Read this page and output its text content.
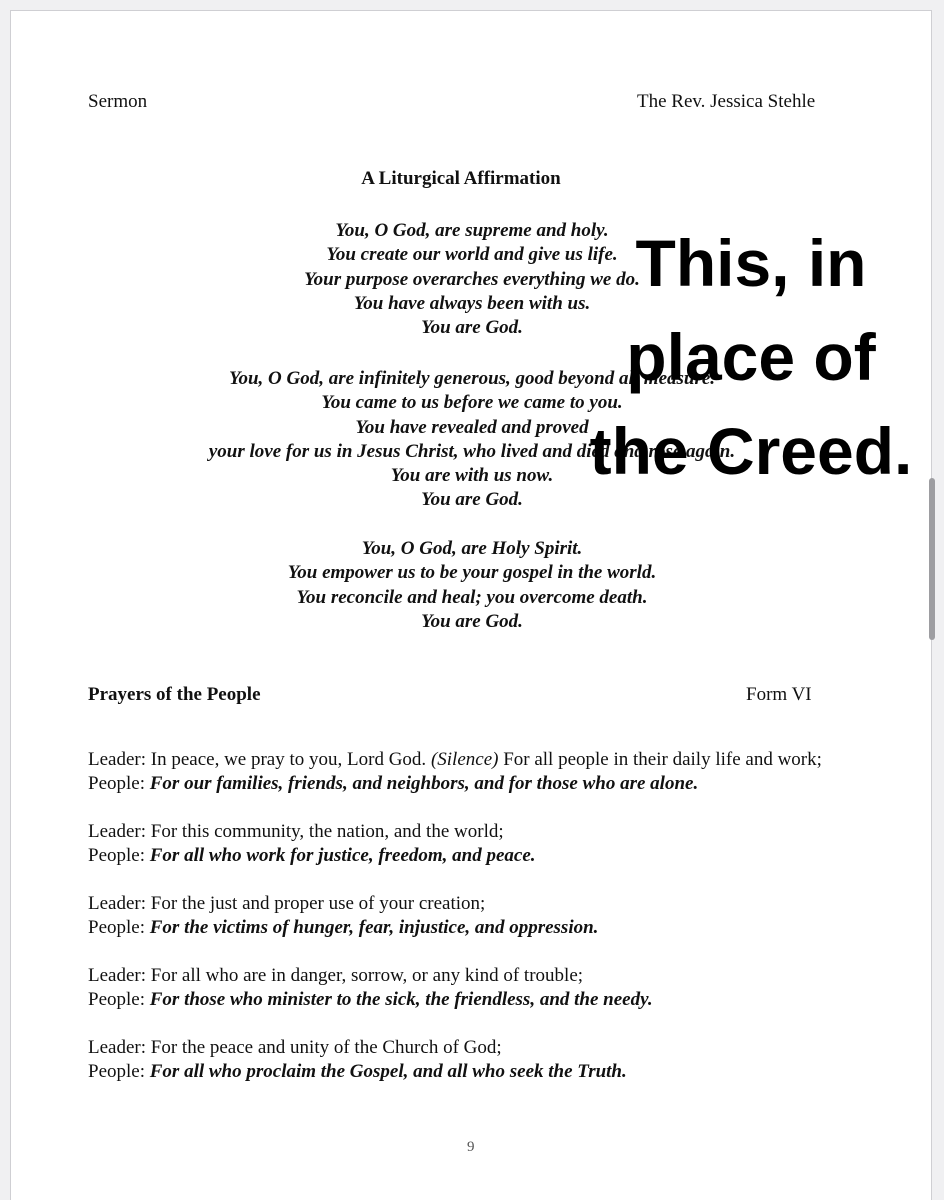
Sermon	The Rev. Jessica Stehle
A Liturgical Affirmation
You, O God, are supreme and holy.
You create our world and give us life.
Your purpose overarches everything we do.
You have always been with us.
You are God.
You, O God, are infinitely generous, good beyond all measure.
You came to us before we came to you.
You have revealed and proved
your love for us in Jesus Christ, who lived and died and rose again.
You are with us now.
You are God.
You, O God, are Holy Spirit.
You empower us to be your gospel in the world.
You reconcile and heal; you overcome death.
You are God.
Prayers of the People	Form VI
Leader: In peace, we pray to you, Lord God. (Silence) For all people in their daily life and work;
People: For our families, friends, and neighbors, and for those who are alone.
Leader: For this community, the nation, and the world;
People: For all who work for justice, freedom, and peace.
Leader: For the just and proper use of your creation;
People: For the victims of hunger, fear, injustice, and oppression.
Leader: For all who are in danger, sorrow, or any kind of trouble;
People: For those who minister to the sick, the friendless, and the needy.
Leader: For the peace and unity of the Church of God;
People: For all who proclaim the Gospel, and all who seek the Truth.
9
This, in
place of
the Creed.
